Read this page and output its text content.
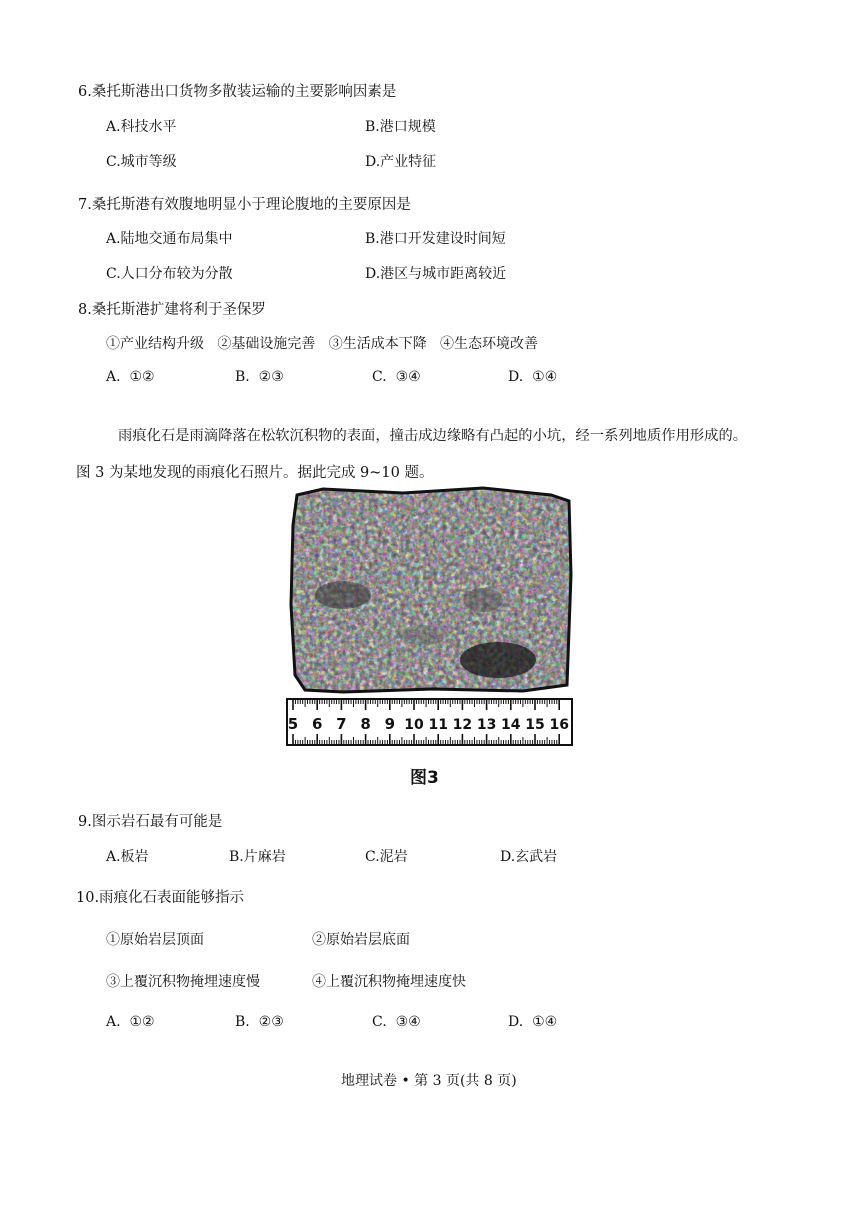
6.桑托斯港出口货物多散装运输的主要影响因素是
A.科技水平	B.港口规模
C.城市等级	D.产业特征
7.桑托斯港有效腹地明显小于理论腹地的主要原因是
A.陆地交通布局集中	B.港口开发建设时间短
C.人口分布较为分散	D.港区与城市距离较近
8.桑托斯港扩建将利于圣保罗
①产业结构升级   ②基础设施完善   ③生活成本下降   ④生态环境改善
A.  ①②	B.  ②③	C.  ③④	D.  ①④
雨痕化石是雨滴降落在松软沉积物的表面，撞击成边缘略有凸起的小坑，经一系列地质作用形成的。
图 3 为某地发现的雨痕化石照片。据此完成 9~10 题。
5 6 7 8 9 10 11 12 13 14 15 16
图3
9.图示岩石最有可能是
A.板岩	B.片麻岩	C.泥岩	D.玄武岩
10.雨痕化石表面能够指示
①原始岩层顶面	②原始岩层底面
③上覆沉积物掩埋速度慢	④上覆沉积物掩埋速度快
A.  ①②	B.  ②③	C.  ③④	D.  ①④
地理试卷 • 第 3 页(共 8 页)
